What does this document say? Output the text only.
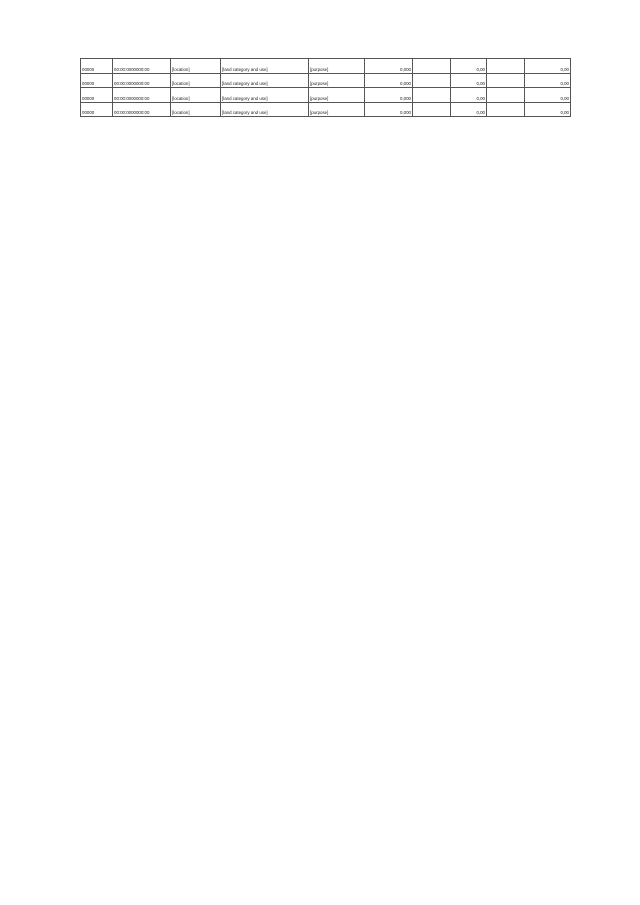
00000	00:00:0000000:00	[location]	[land category and use]	[purpose]	0,000		0,00		0,00
00000	00:00:0000000:00	[location]	[land category and use]	[purpose]	0,000		0,00		0,00
00000	00:00:0000000:00	[location]	[land category and use]	[purpose]	0,000		0,00		0,00
00000	00:00:0000000:00	[location]	[land category and use]	[purpose]	0,000		0,00		0,00
